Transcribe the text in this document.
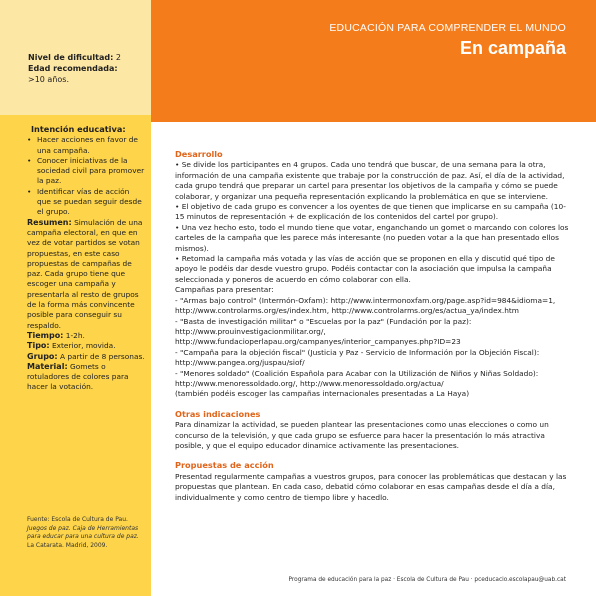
EDUCACIÓN PARA COMPRENDER EL MUNDO
En campaña
Nivel de dificultad: 2
Edad recomendada:
>10 años.
Intención educativa:
• Hacer acciones en favor de una campaña.
• Conocer iniciativas de la sociedad civil para promover la paz.
• Identificar vías de acción que se puedan seguir desde el grupo.
Resumen: Simulación de una campaña electoral, en que en vez de votar partidos se votan propuestas, en este caso propuestas de campañas de paz. Cada grupo tiene que escoger una campaña y presentarla al resto de grupos de la forma más convincente posible para conseguir su respaldo.
Tiempo: 1-2h.
Tipo: Exterior, movida.
Grupo: A partir de 8 personas.
Material: Gomets o rotuladores de colores para hacer la votación.
Fuente: Escola de Cultura de Pau.
Juegos de paz. Caja de Herramientas para educar para una cultura de paz.
La Catarata. Madrid, 2009.
Desarrollo

• Se divide los participantes en 4 grupos. Cada uno tendrá que buscar, de una semana para la otra, información de una campaña existente que trabaje por la construcción de paz. Así, el día de la actividad, cada grupo tendrá que preparar un cartel para presentar los objetivos de la campaña y cómo se puede colaborar, y organizar una pequeña representación explicando la problemática en que se interviene.

• El objetivo de cada grupo es convencer a los oyentes de que tienen que implicarse en su campaña (10-15 minutos de representación + de explicación de los contenidos del cartel por grupo).

• Una vez hecho esto, todo el mundo tiene que votar, enganchando un gomet o marcando con colores los carteles de la campaña que les parece más interesante (no pueden votar a la que han presentado ellos mismos).

• Retomad la campaña más votada y las vías de acción que se proponen en ella y discutid qué tipo de apoyo le podéis dar desde vuestro grupo. Podéis contactar con la asociación que impulsa la campaña seleccionada y poneros de acuerdo en cómo colaborar con ella.

Campañas para presentar:

- "Armas bajo control" (Intermón-Oxfam): http://www.intermonoxfam.org/page.asp?id=984&idioma=1, http://www.controlarms.org/es/index.htm, http://www.controlarms.org/es/actua_ya/index.htm

- "Basta de investigación militar" o "Escuelas por la paz" (Fundación por la paz): http://www.prouinvestigacionmilitar.org/, http://www.fundacioperlapau.org/campanyes/interior_campanyes.php?ID=23

- "Campaña para la objeción fiscal" (Justicia y Paz - Servicio de Información por la Objeción Fiscal): http://www.pangea.org/juspau/siof/

- "Menores soldado" (Coalición Española para Acabar con la Utilización de Niños y Niñas Soldado): http://www.menoressoldado.org/, http://www.menoressoldado.org/actua/

(también podéis escoger las campañas internacionales presentadas a La Haya)

Otras indicaciones

Para dinamizar la actividad, se pueden plantear las presentaciones como unas elecciones o como un concurso de la televisión, y que cada grupo se esfuerce para hacer la presentación lo más atractiva posible, y que el equipo educador dinamice activamente las presentaciones.

Propuestas de acción

Presentad regularmente campañas a vuestros grupos, para conocer las problemáticas que destacan y las propuestas que plantean. En cada caso, debatid cómo colaborar en esas campañas desde el día a día, individualmente y como centro de tiempo libre y hacedlo.

Programa de educación para la paz · Escola de Cultura de Pau · pceducacio.escolapau@uab.cat
